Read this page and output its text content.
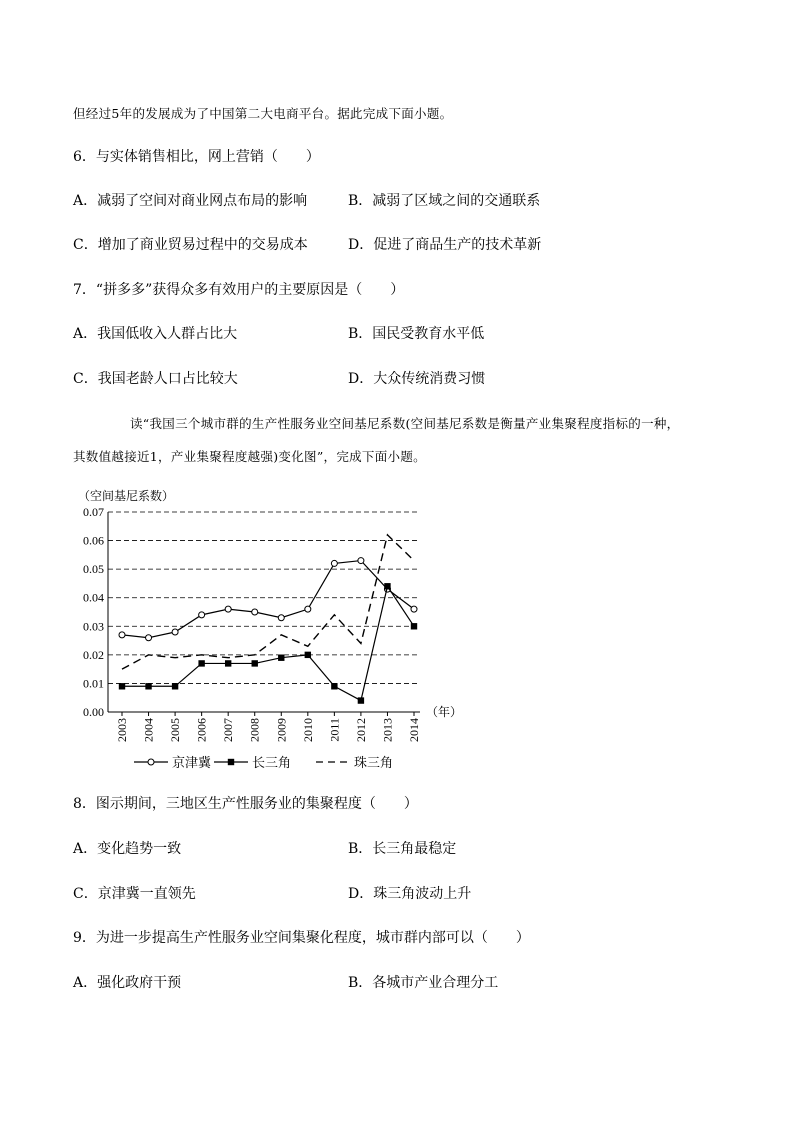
但经过5年的发展成为了中国第二大电商平台。据此完成下面小题。
6．与实体销售相比，网上营销（　　）
A．减弱了空间对商业网点布局的影响	B．减弱了区域之间的交通联系
C．增加了商业贸易过程中的交易成本	D．促进了商品生产的技术革新
7．“拼多多”获得众多有效用户的主要原因是（　　）
A．我国低收入人群占比大	B．国民受教育水平低
C．我国老龄人口占比较大	D．大众传统消费习惯
读“我国三个城市群的生产性服务业空间基尼系数(空间基尼系数是衡量产业集聚程度指标的一种，
其数值越接近1，产业集聚程度越强)变化图”，完成下面小题。
（空间基尼系数）
0.00
0.01
0.02
0.03
0.04
0.05
0.06
0.07
2003 2004 2005 2006 2007 2008 2009 2010 2011 2012 2013 2014
（年）
京津冀	长三角	珠三角
8．图示期间，三地区生产性服务业的集聚程度（　　）
A．变化趋势一致	B．长三角最稳定
C．京津冀一直领先	D．珠三角波动上升
9．为进一步提高生产性服务业空间集聚化程度，城市群内部可以（　　）
A．强化政府干预	B．各城市产业合理分工
